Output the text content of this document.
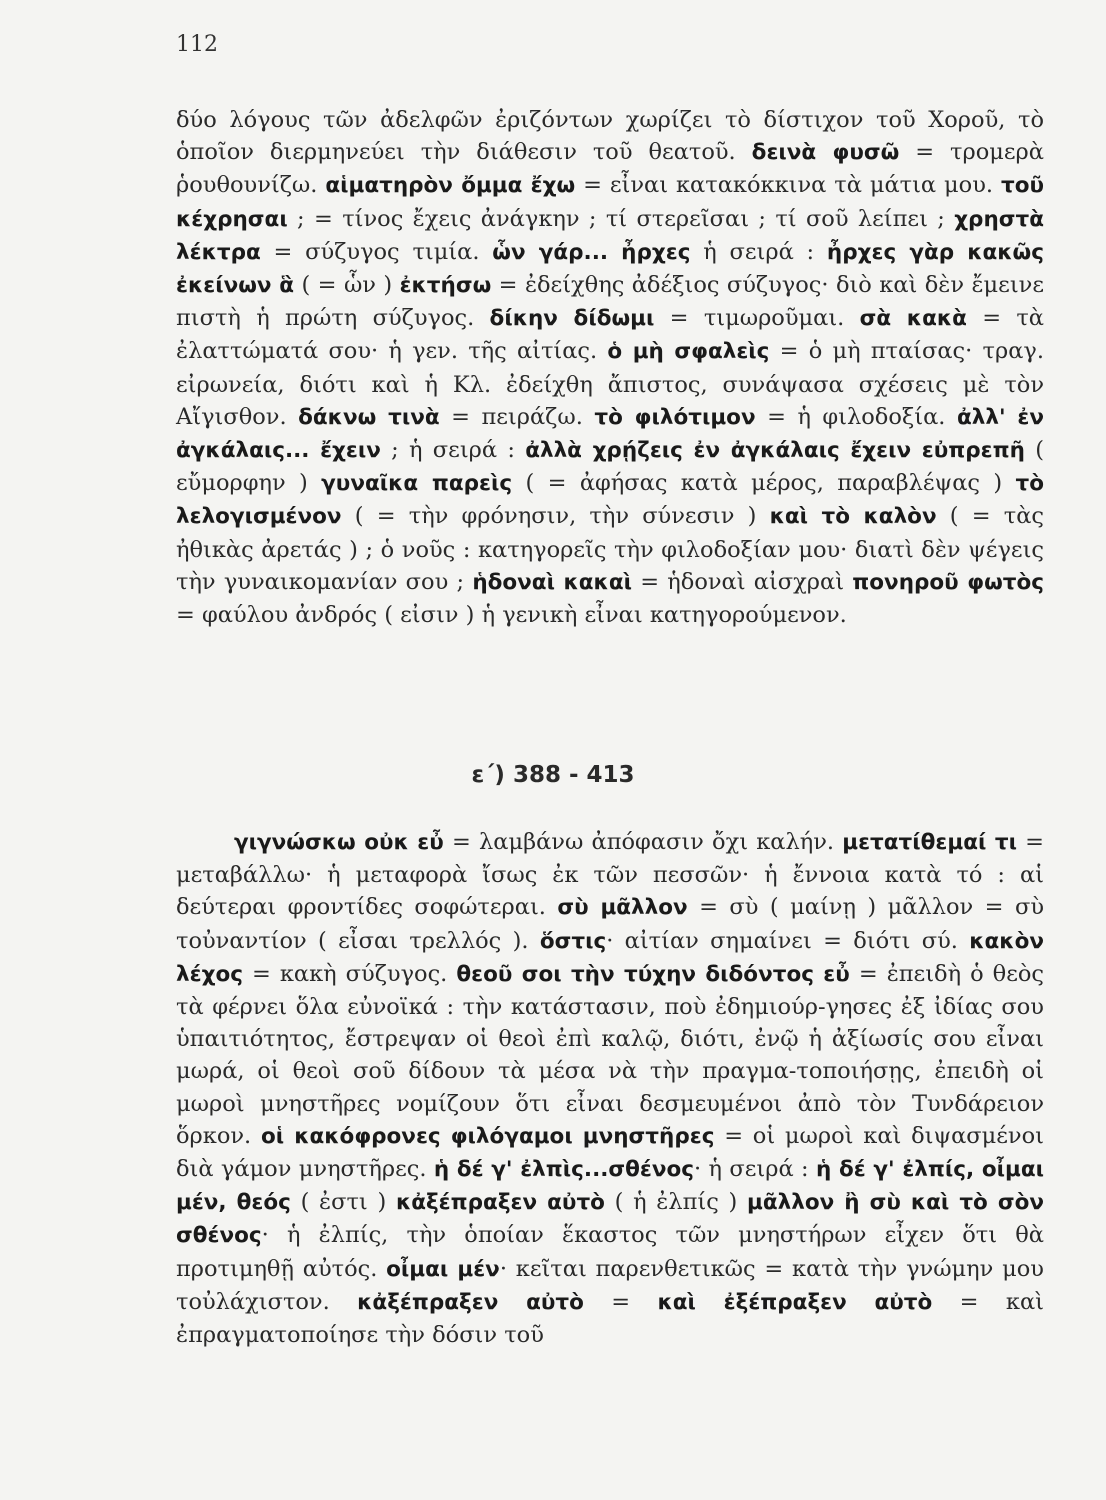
112
δύο λόγους τῶν ἀδελφῶν ἐριζόντων χωρίζει τὸ δίστιχον τοῦ Χοροῦ, τὸ ὁποῖον διερμηνεύει τὴν διάθεσιν τοῦ θεατοῦ. δεινὰ φυσῶ = τρομερὰ ῥουθουνίζω. αἱματηρὸν ὄμμα ἔχω = εἶναι κατακόκκινα τὰ μάτια μου. τοῦ κέχρησαι ; = τίνος ἔχεις ἀνάγκην ; τί στερεῖσαι ; τί σοῦ λείπει ; χρηστὰ λέκτρα = σύζυγος τιμία. ὧν γάρ... ἦρχες ἡ σειρά : ἦρχες γὰρ κακῶς ἐκείνων ἃ ( = ὧν ) ἐκτήσω = ἐδείχθης ἀδέξιος σύζυγος· διὸ καὶ δὲν ἔμεινε πιστὴ ἡ πρώτη σύζυγος. δίκην δίδωμι = τιμωροῦμαι. σὰ κακὰ = τὰ ἐλαττώματά σου· ἡ γεν. τῆς αἰτίας. ὁ μὴ σφαλεὶς = ὁ μὴ πταίσας· τραγ. εἰρωνεία, διότι καὶ ἡ Κλ. ἐδείχθη ἄπιστος, συνάψασα σχέσεις μὲ τὸν Αἴγισθον. δάκνω τινὰ = πειράζω. τὸ φιλότιμον = ἡ φιλοδοξία. ἀλλ' ἐν ἀγκάλαις... ἔχειν ; ἡ σειρά : ἀλλὰ χρῄζεις ἐν ἀγκάλαις ἔχειν εὐπρεπῆ ( εὔμορφην ) γυναῖκα παρεὶς ( = ἀφήσας κατὰ μέρος, παραβλέψας ) τὸ λελογισμένον ( = τὴν φρόνησιν, τὴν σύνεσιν ) καὶ τὸ καλὸν ( = τὰς ἠθικὰς ἀρετάς ) ; ὁ νοῦς : κατηγορεῖς τὴν φιλοδοξίαν μου· διατὶ δὲν ψέγεις τὴν γυναικομανίαν σου ; ἡδοναὶ κακαὶ = ἡδοναὶ αἰσχραὶ πονηροῦ φωτὸς = φαύλου ἀνδρός ( εἰσιν ) ἡ γενικὴ εἶναι κατηγορούμενον.
ε΄) 388 - 413
γιγνώσκω οὐκ εὖ = λαμβάνω ἀπόφασιν ὄχι καλήν. μετατίθεμαί τι = μεταβάλλω· ἡ μεταφορὰ ἴσως ἐκ τῶν πεσσῶν· ἡ ἔννοια κατὰ τό : αἱ δεύτεραι φροντίδες σοφώτεραι. σὺ μᾶλλον = σὺ ( μαίνῃ ) μᾶλλον = σὺ τοὐναντίον ( εἶσαι τρελλός ). ὅστις· αἰτίαν σημαίνει = διότι σύ. κακὸν λέχος = κακὴ σύζυγος. θεοῦ σοι τὴν τύχην διδόντος εὖ = ἐπειδὴ ὁ θεὸς τὰ φέρνει ὅλα εὐνοϊκά : τὴν κατάστασιν, ποὺ ἐδημιούρ-γησες ἐξ ἰδίας σου ὑπαιτιότητος, ἔστρεψαν οἱ θεοὶ ἐπὶ καλῷ, διότι, ἐνῷ ἡ ἀξίωσίς σου εἶναι μωρά, οἱ θεοὶ σοῦ δίδουν τὰ μέσα νὰ τὴν πραγμα-τοποιήσῃς, ἐπειδὴ οἱ μωροὶ μνηστῆρες νομίζουν ὅτι εἶναι δεσμευμένοι ἀπὸ τὸν Τυνδάρειον ὅρκον. οἱ κακόφρονες φιλόγαμοι μνηστῆρες = οἱ μωροὶ καὶ διψασμένοι διὰ γάμον μνηστῆρες. ἡ δέ γ' ἐλπὶς...σθένος· ἡ σειρά : ἡ δέ γ' ἐλπίς, οἶμαι μέν, θεός ( ἐστι ) κἀξέπραξεν αὐτὸ ( ἡ ἐλπίς ) μᾶλλον ἢ σὺ καὶ τὸ σὸν σθένος· ἡ ἐλπίς, τὴν ὁποίαν ἕκαστος τῶν μνηστήρων εἶχεν ὅτι θὰ προτιμηθῇ αὐτός. οἶμαι μέν· κεῖται παρενθετικῶς = κατὰ τὴν γνώμην μου τοὐλάχιστον. κἀξέπραξεν αὐτὸ = καὶ ἐξέπραξεν αὐτὸ = καὶ ἐπραγματοποίησε τὴν δόσιν τοῦ
